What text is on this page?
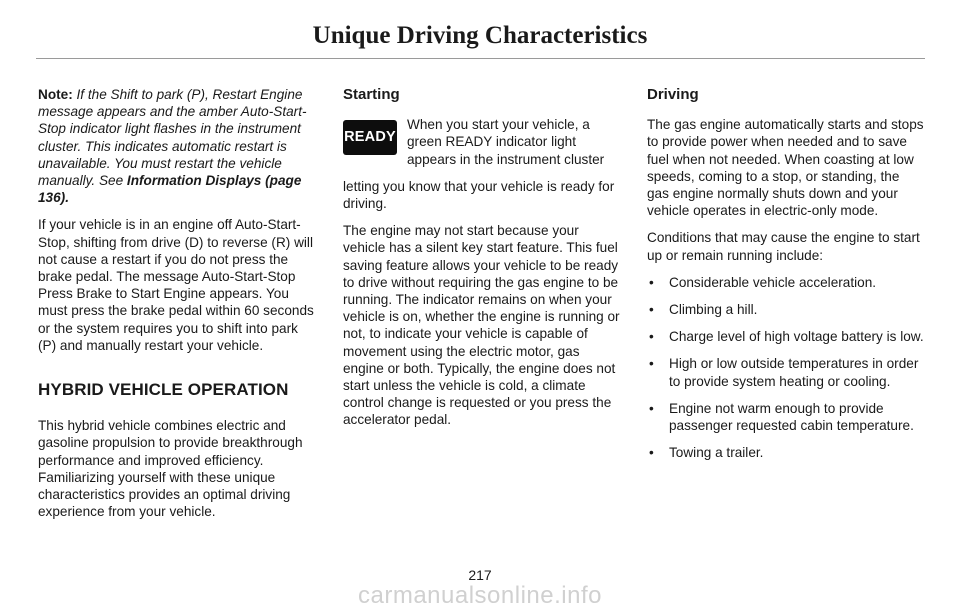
Unique Driving Characteristics

Note: If the Shift to park (P), Restart Engine message appears and the amber Auto-Start-Stop indicator light flashes in the instrument cluster. This indicates automatic restart is unavailable. You must restart the vehicle manually. See Information Displays (page 136).

If your vehicle is in an engine off Auto-Start-Stop, shifting from drive (D) to reverse (R) will not cause a restart if you do not press the brake pedal. The message Auto-Start-Stop Press Brake to Start Engine appears. You must press the brake pedal within 60 seconds or the system requires you to shift into park (P) and manually restart your vehicle.

HYBRID VEHICLE OPERATION

This hybrid vehicle combines electric and gasoline propulsion to provide breakthrough performance and improved efficiency. Familiarizing yourself with these unique characteristics provides an optimal driving experience from your vehicle.

Starting
READY
When you start your vehicle, a green READY indicator light appears in the instrument cluster

letting you know that your vehicle is ready for driving.

The engine may not start because your vehicle has a silent key start feature. This fuel saving feature allows your vehicle to be ready to drive without requiring the gas engine to be running. The indicator remains on when your vehicle is on, whether the engine is running or not, to indicate your vehicle is capable of movement using the electric motor, gas engine or both. Typically, the engine does not start unless the vehicle is cold, a climate control change is requested or you press the accelerator pedal.

Driving

The gas engine automatically starts and stops to provide power when needed and to save fuel when not needed. When coasting at low speeds, coming to a stop, or standing, the gas engine normally shuts down and your vehicle operates in electric-only mode.

Conditions that may cause the engine to start up or remain running include:

• Considerable vehicle acceleration.
• Climbing a hill.
• Charge level of high voltage battery is low.
• High or low outside temperatures in order to provide system heating or cooling.
• Engine not warm enough to provide passenger requested cabin temperature.
• Towing a trailer.
217
carmanualsonline.info
